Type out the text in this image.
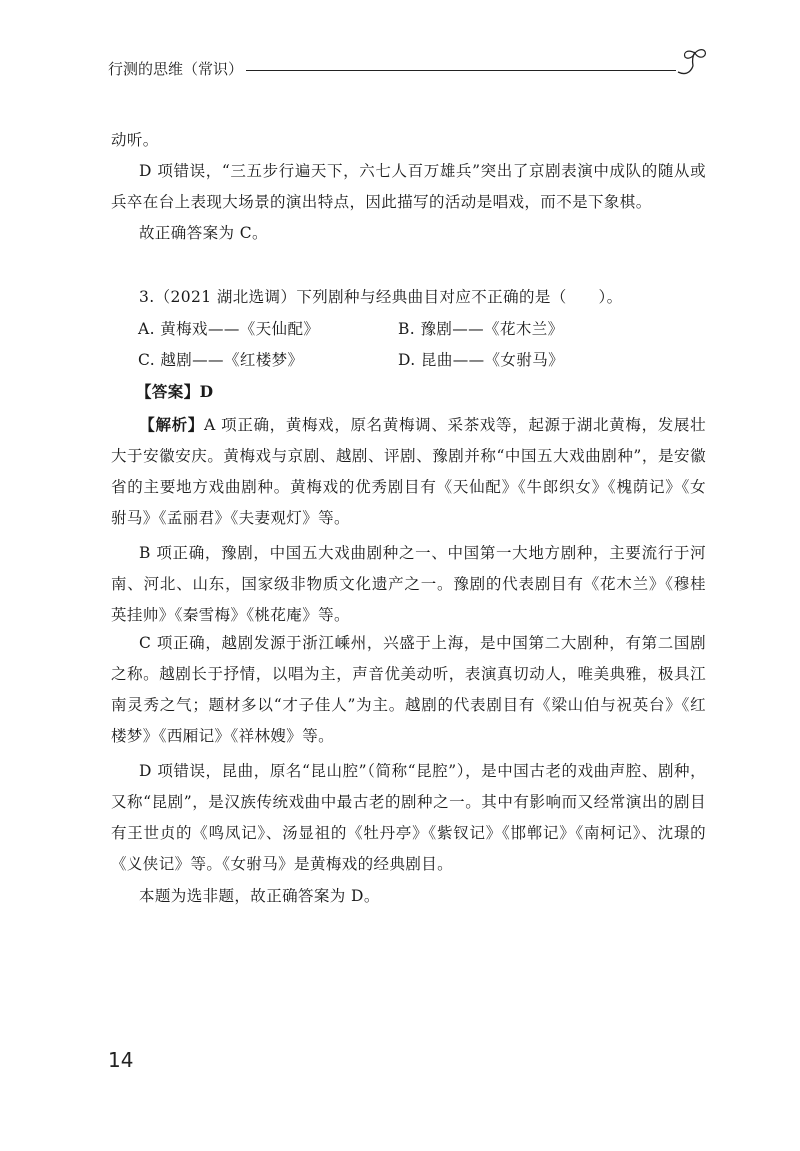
行测的思维（常识）

动听。

D 项错误，“三五步行遍天下，六七人百万雄兵”突出了京剧表演中成队的随从或兵卒在台上表现大场景的演出特点，因此描写的活动是唱戏，而不是下象棋。

故正确答案为 C。

3.（2021 湖北选调）下列剧种与经典曲目对应不正确的是（　　）。

A. 黄梅戏——《天仙配》	B. 豫剧——《花木兰》
C. 越剧——《红楼梦》	D. 昆曲——《女驸马》
【答案】D

【解析】A 项正确，黄梅戏，原名黄梅调、采茶戏等，起源于湖北黄梅，发展壮大于安徽安庆。黄梅戏与京剧、越剧、评剧、豫剧并称“中国五大戏曲剧种”，是安徽省的主要地方戏曲剧种。黄梅戏的优秀剧目有《天仙配》《牛郎织女》《槐荫记》《女驸马》《孟丽君》《夫妻观灯》等。

B 项正确，豫剧，中国五大戏曲剧种之一、中国第一大地方剧种，主要流行于河南、河北、山东，国家级非物质文化遗产之一。豫剧的代表剧目有《花木兰》《穆桂英挂帅》《秦雪梅》《桃花庵》等。

C 项正确，越剧发源于浙江嵊州，兴盛于上海，是中国第二大剧种，有第二国剧之称。越剧长于抒情，以唱为主，声音优美动听，表演真切动人，唯美典雅，极具江南灵秀之气；题材多以“才子佳人”为主。越剧的代表剧目有《梁山伯与祝英台》《红楼梦》《西厢记》《祥林嫂》等。

D 项错误，昆曲，原名“昆山腔”（简称“昆腔”），是中国古老的戏曲声腔、剧种，又称“昆剧”，是汉族传统戏曲中最古老的剧种之一。其中有影响而又经常演出的剧目有王世贞的《鸣凤记》、汤显祖的《牡丹亭》《紫钗记》《邯郸记》《南柯记》、沈璟的《义侠记》等。《女驸马》是黄梅戏的经典剧目。

本题为选非题，故正确答案为 D。

14
